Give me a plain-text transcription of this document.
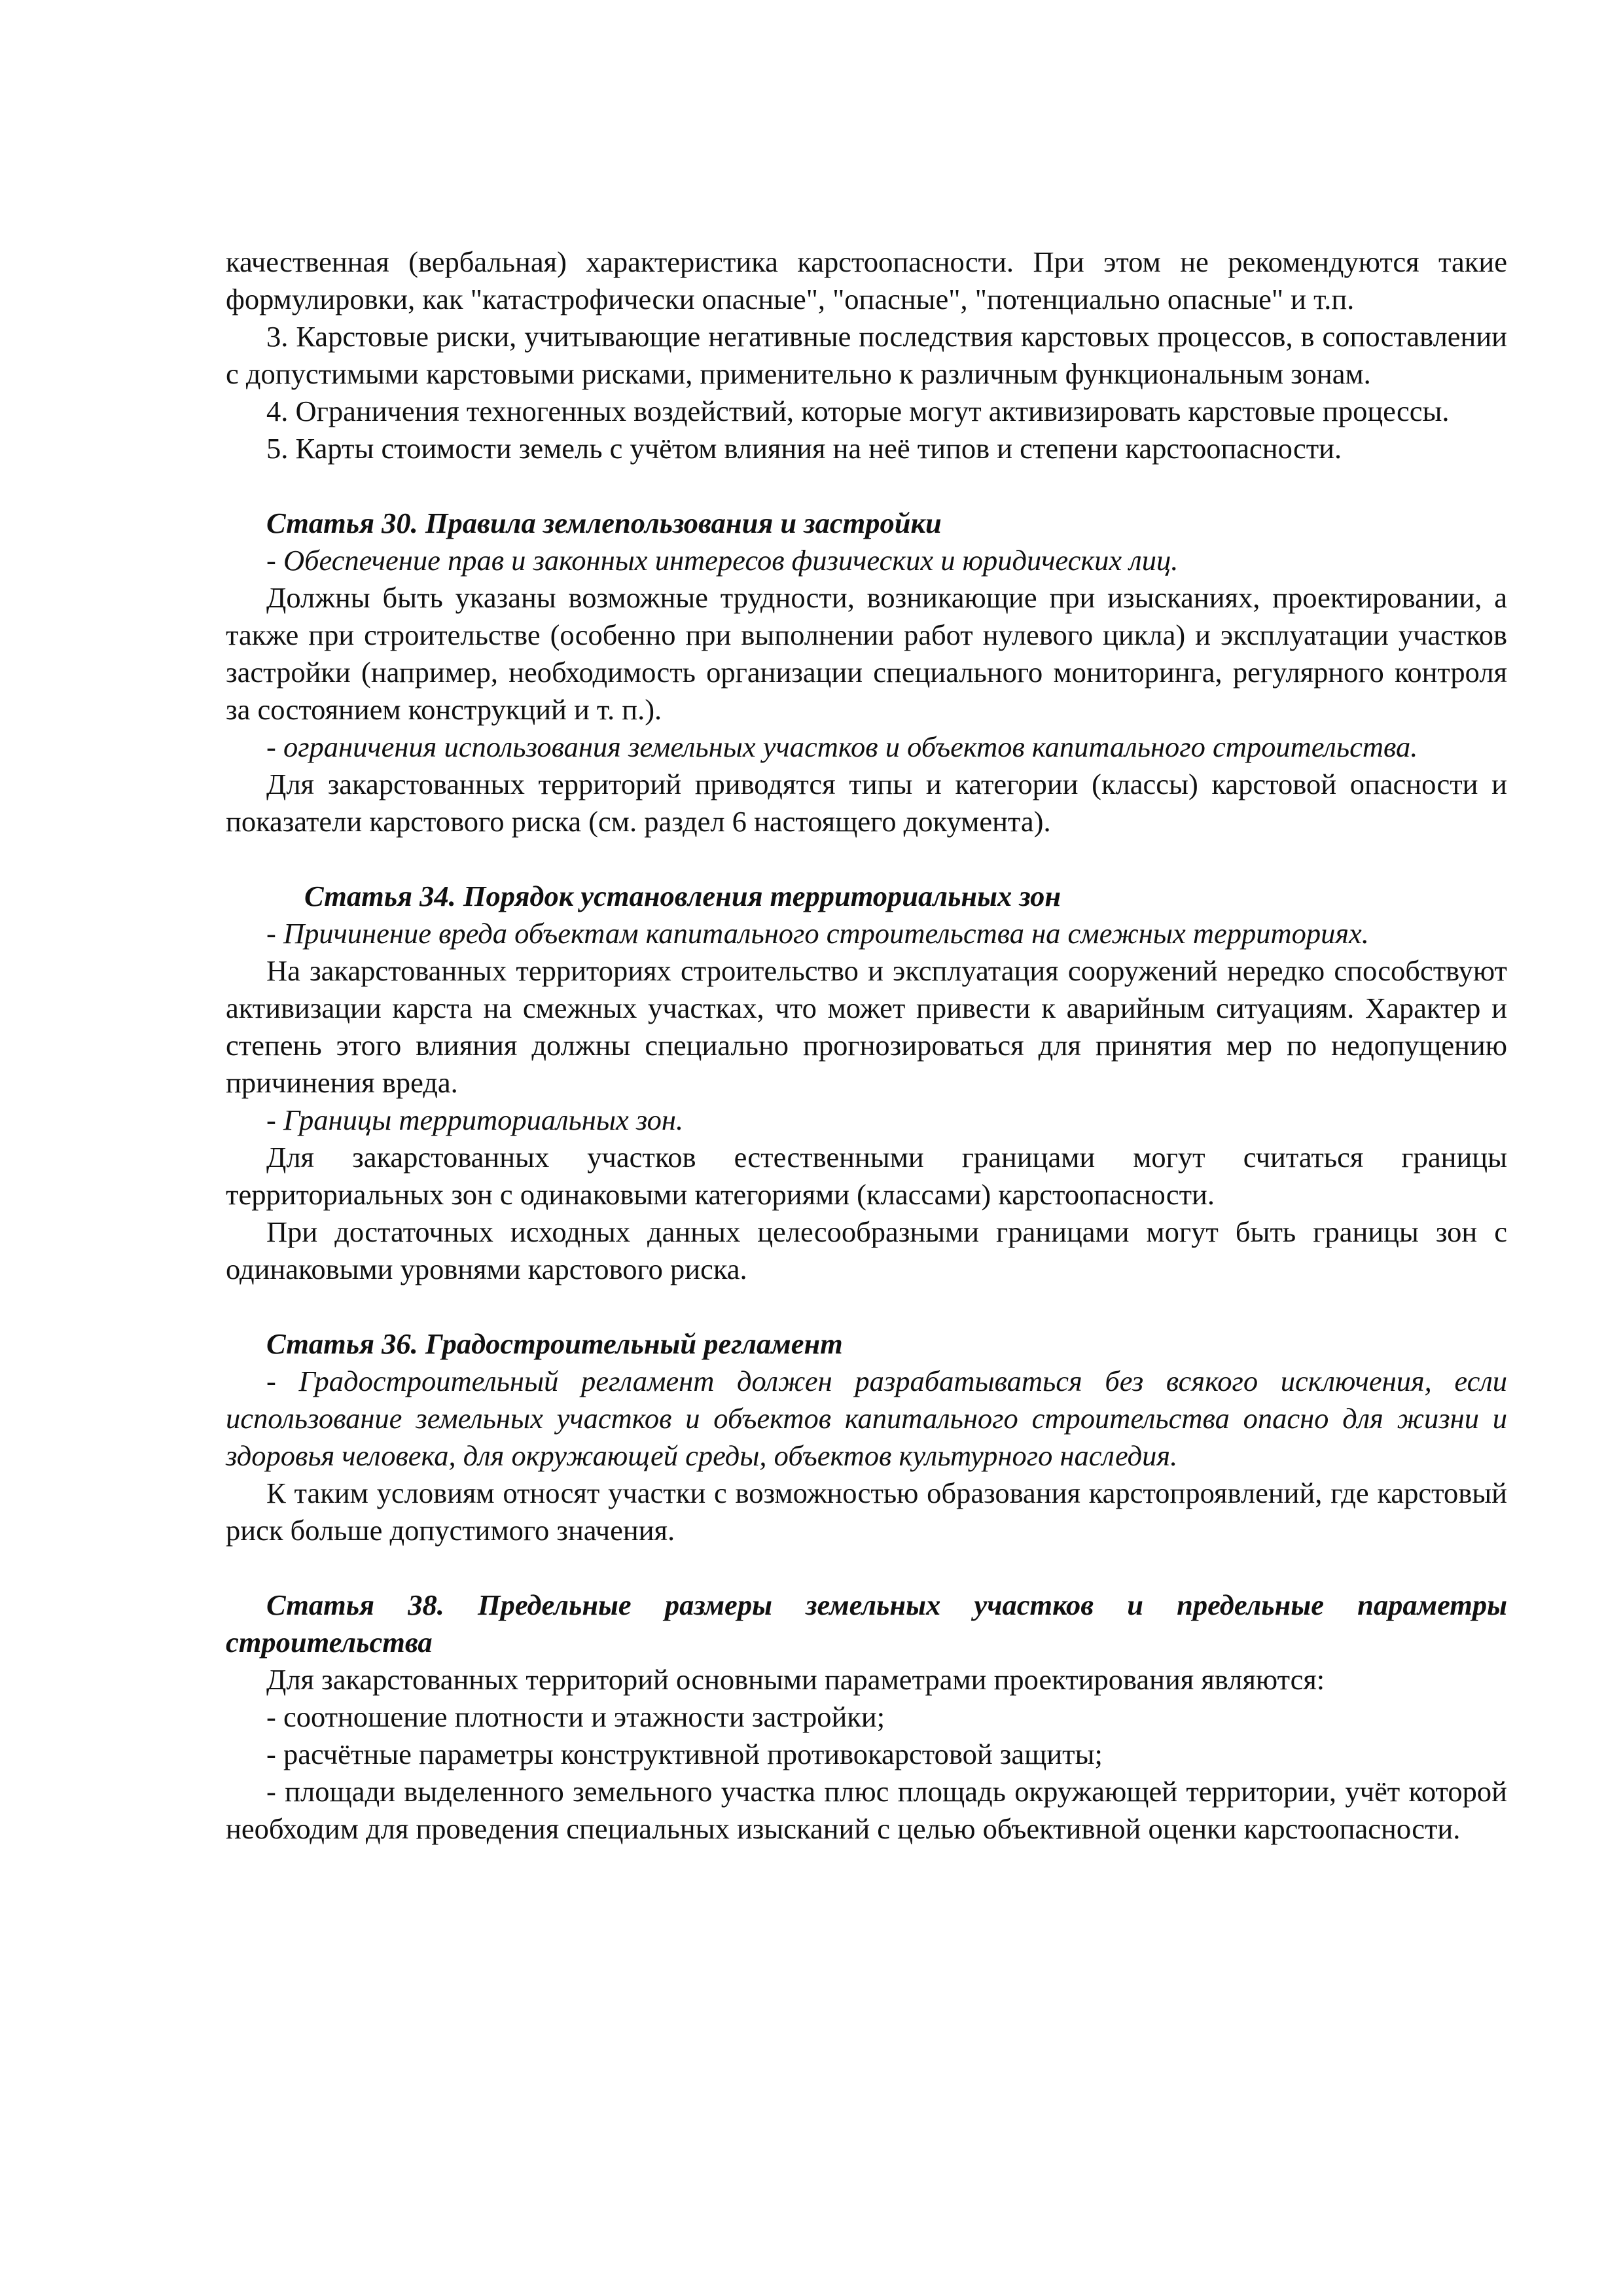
качественная (вербальная) характеристика карстоопасности. При этом не рекомендуются такие формулировки, как "катастрофически опасные", "опасные", "потенциально опасные" и т.п.

3. Карстовые риски, учитывающие негативные последствия карстовых процессов, в сопоставлении с допустимыми карстовыми рисками, применительно к различным функциональным зонам.

4. Ограничения техногенных воздействий, которые могут активизировать карстовые процессы.

5. Карты стоимости земель с учётом влияния на неё типов и степени карстоопасности.

Статья 30. Правила землепользования и застройки

- Обеспечение прав и законных интересов физических и юридических лиц.

Должны быть указаны возможные трудности, возникающие при изысканиях, проектировании, а также при строительстве (особенно при выполнении работ нулевого цикла) и эксплуатации участков застройки (например, необходимость организации специального мониторинга, регулярного контроля за состоянием конструкций и т. п.).

- ограничения использования земельных участков и объектов капитального строительства.

Для закарстованных территорий приводятся типы и категории (классы) карстовой опасности и показатели карстового риска (см. раздел 6 настоящего документа).

Статья 34. Порядок установления территориальных зон

- Причинение вреда объектам капитального строительства на смежных территориях.

На закарстованных территориях строительство и эксплуатация сооружений нередко способствуют активизации карста на смежных участках, что может привести к аварийным ситуациям. Характер и степень этого влияния должны специально прогнозироваться для принятия мер по недопущению причинения вреда.

- Границы территориальных зон.

Для закарстованных участков естественными границами могут считаться границы территориальных зон с одинаковыми категориями (классами) карстоопасности.

При достаточных исходных данных целесообразными границами могут быть границы зон с одинаковыми уровнями карстового риска.

Статья 36. Градостроительный регламент

- Градостроительный регламент должен разрабатываться без всякого исключения, если использование земельных участков и объектов капитального строительства опасно для жизни и здоровья человека, для окружающей среды, объектов культурного наследия.

К таким условиям относят участки с возможностью образования карстопроявлений, где карстовый риск больше допустимого значения.

Статья 38. Предельные размеры земельных участков и предельные параметры строительства

Для закарстованных территорий основными параметрами проектирования являются:

- соотношение плотности и этажности застройки;

- расчётные параметры конструктивной противокарстовой защиты;

- площади выделенного земельного участка плюс площадь окружающей территории, учёт которой необходим для проведения специальных изысканий с целью объективной оценки карстоопасности.
